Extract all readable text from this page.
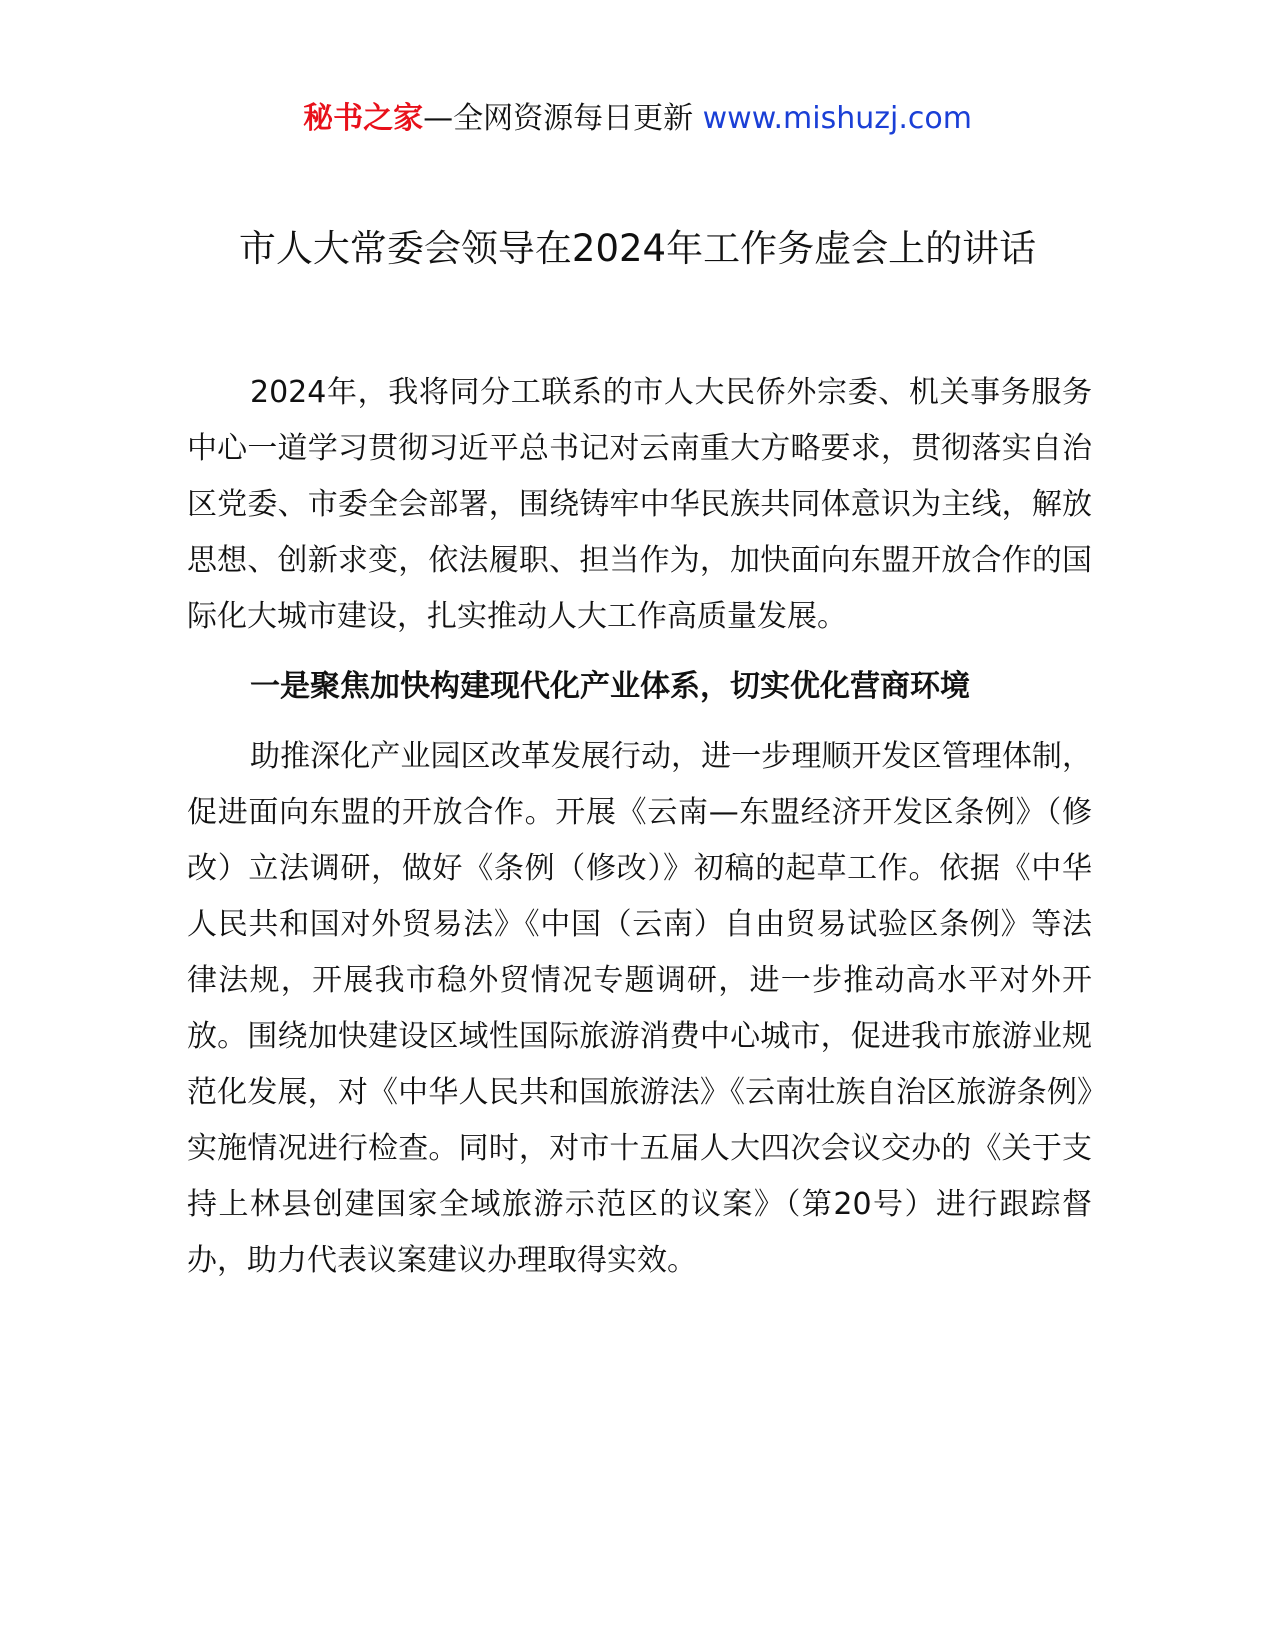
秘书之家—全网资源每日更新 www.mishuzj.com
市人大常委会领导在2024年工作务虚会上的讲话

2024年，我将同分工联系的市人大民侨外宗委、机关事务服务中心一道学习贯彻习近平总书记对云南重大方略要求，贯彻落实自治区党委、市委全会部署，围绕铸牢中华民族共同体意识为主线，解放思想、创新求变，依法履职、担当作为，加快面向东盟开放合作的国际化大城市建设，扎实推动人大工作高质量发展。

一是聚焦加快构建现代化产业体系，切实优化营商环境

助推深化产业园区改革发展行动，进一步理顺开发区管理体制，促进面向东盟的开放合作。开展《云南—东盟经济开发区条例》（修改）立法调研，做好《条例（修改）》初稿的起草工作。依据《中华人民共和国对外贸易法》《中国（云南）自由贸易试验区条例》等法律法规，开展我市稳外贸情况专题调研，进一步推动高水平对外开放。围绕加快建设区域性国际旅游消费中心城市，促进我市旅游业规范化发展，对《中华人民共和国旅游法》《云南壮族自治区旅游条例》实施情况进行检查。同时，对市十五届人大四次会议交办的《关于支持上林县创建国家全域旅游示范区的议案》（第20号）进行跟踪督办，助力代表议案建议办理取得实效。
